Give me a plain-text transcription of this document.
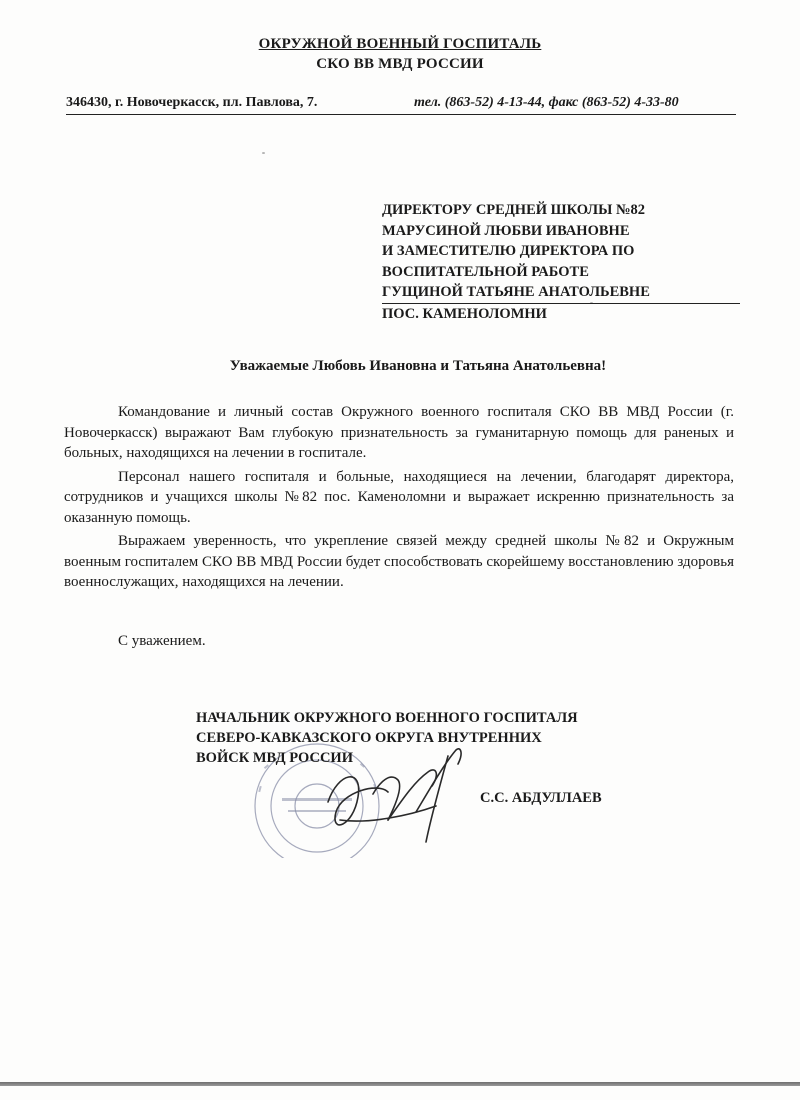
ОКРУЖНОЙ ВОЕННЫЙ ГОСПИТАЛЬ
СКО ВВ МВД РОССИИ
346430, г. Новочеркасск, пл. Павлова, 7.	тел. (863-52) 4-13-44, факс (863-52) 4-33-80
ДИРЕКТОРУ СРЕДНЕЙ ШКОЛЫ №82
МАРУСИНОЙ ЛЮБВИ ИВАНОВНЕ
И ЗАМЕСТИТЕЛЮ ДИРЕКТОРА ПО
ВОСПИТАТЕЛЬНОЙ РАБОТЕ
ГУЩИНОЙ ТАТЬЯНЕ АНАТОЛЬЕВНЕ
ПОС. КАМЕНОЛОМНИ
Уважаемые Любовь Ивановна и Татьяна Анатольевна!

Командование и личный состав Окружного военного госпиталя СКО ВВ МВД России (г. Новочеркасск) выражают Вам глубокую признательность за гуманитарную помощь для раненых и больных, находящихся на лечении в госпитале.

Персонал нашего госпиталя и больные, находящиеся на лечении, благодарят директора, сотрудников и учащихся школы №82 пос. Каменоломни и выражает искренню признательность за оказанную помощь.

Выражаем уверенность, что укрепление связей между средней школы №82 и Окружным военным госпиталем СКО ВВ МВД России будет способствовать скорейшему восстановлению здоровья военнослужащих, находящихся на лечении.

С уважением.
НАЧАЛЬНИК ОКРУЖНОГО ВОЕННОГО ГОСПИТАЛЯ
СЕВЕРО-КАВКАЗСКОГО ОКРУГА ВНУТРЕННИХ
ВОЙСК МВД РОССИИ
С.С. АБДУЛЛАЕВ
